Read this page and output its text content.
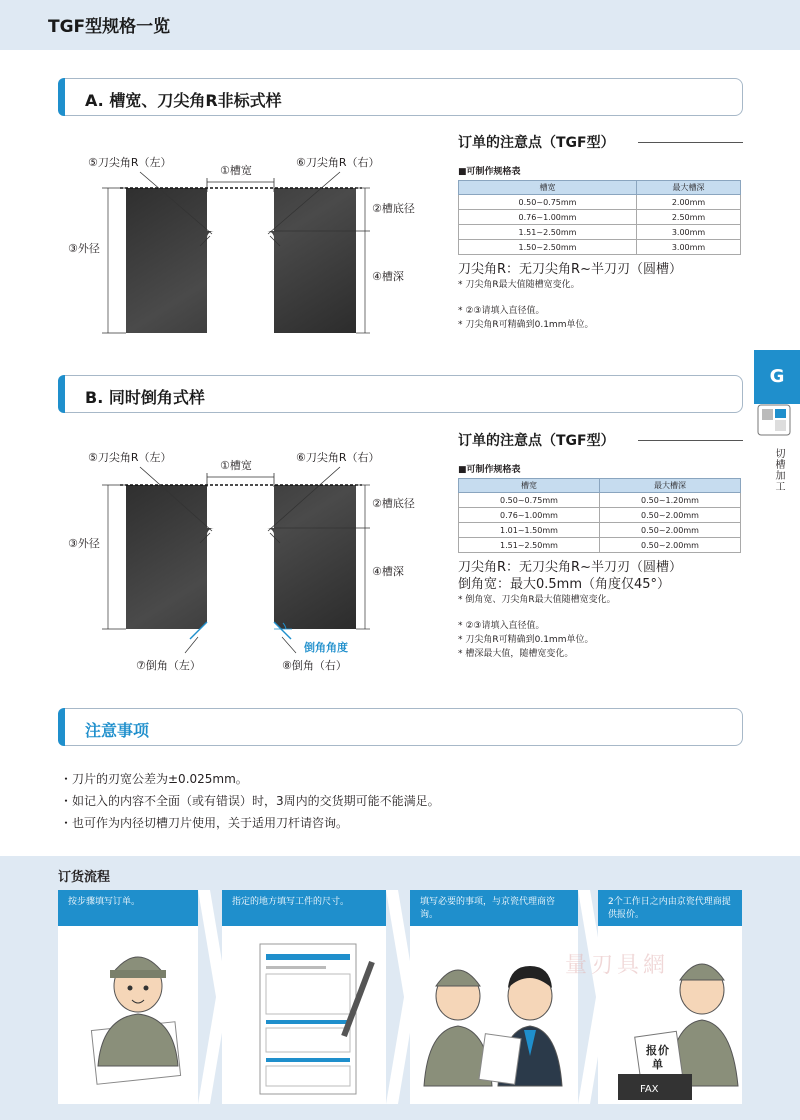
TGF型规格一览
A. 槽宽、刀尖角R非标式样
⑤刀尖角R（左）
①槽宽
⑥刀尖角R（右）
②槽底径
③外径
④槽深
订单的注意点（TGF型）
■可制作规格表
槽宽	最大槽深
0.50~0.75mm	2.00mm
0.76~1.00mm	2.50mm
1.51~2.50mm	3.00mm
1.50~2.50mm	3.00mm
刀尖角R：无刀尖角R~半刀刃（圆槽）
* 刀尖角R最大值随槽宽变化。
* ②③请填入直径值。
* 刀尖角R可精确到0.1mm单位。
B. 同时倒角式样
⑤刀尖角R（左）
①槽宽
⑥刀尖角R（右）
②槽底径
③外径
④槽深
倒角角度
⑦倒角（左）	⑧倒角（右）
订单的注意点（TGF型）
■可制作规格表
槽宽	最大槽深
0.50~0.75mm	0.50~1.20mm
0.76~1.00mm	0.50~2.00mm
1.01~1.50mm	0.50~2.00mm
1.51~2.50mm	0.50~2.00mm
刀尖角R：无刀尖角R~半刀刃（圆槽）
倒角宽：最大0.5mm（角度仅45°）
* 倒角宽、刀尖角R最大值随槽宽变化。
* ②③请填入直径值。
* 刀尖角R可精确到0.1mm单位。
* 槽深最大值，随槽宽变化。
G
切槽加工
注意事项
・刀片的刃宽公差为±0.025mm。
・如记入的内容不全面（或有错误）时，3周内的交货期可能不能满足。
・也可作为内径切槽刀片使用，关于适用刀杆请咨询。
订货流程
按步骤填写订单。	指定的地方填写工件的尺寸。	填写必要的事项，与京瓷代理商咨询。
2个工作日之内由京瓷代理商提供报价。
报 价
单
FAX
量刃具網
